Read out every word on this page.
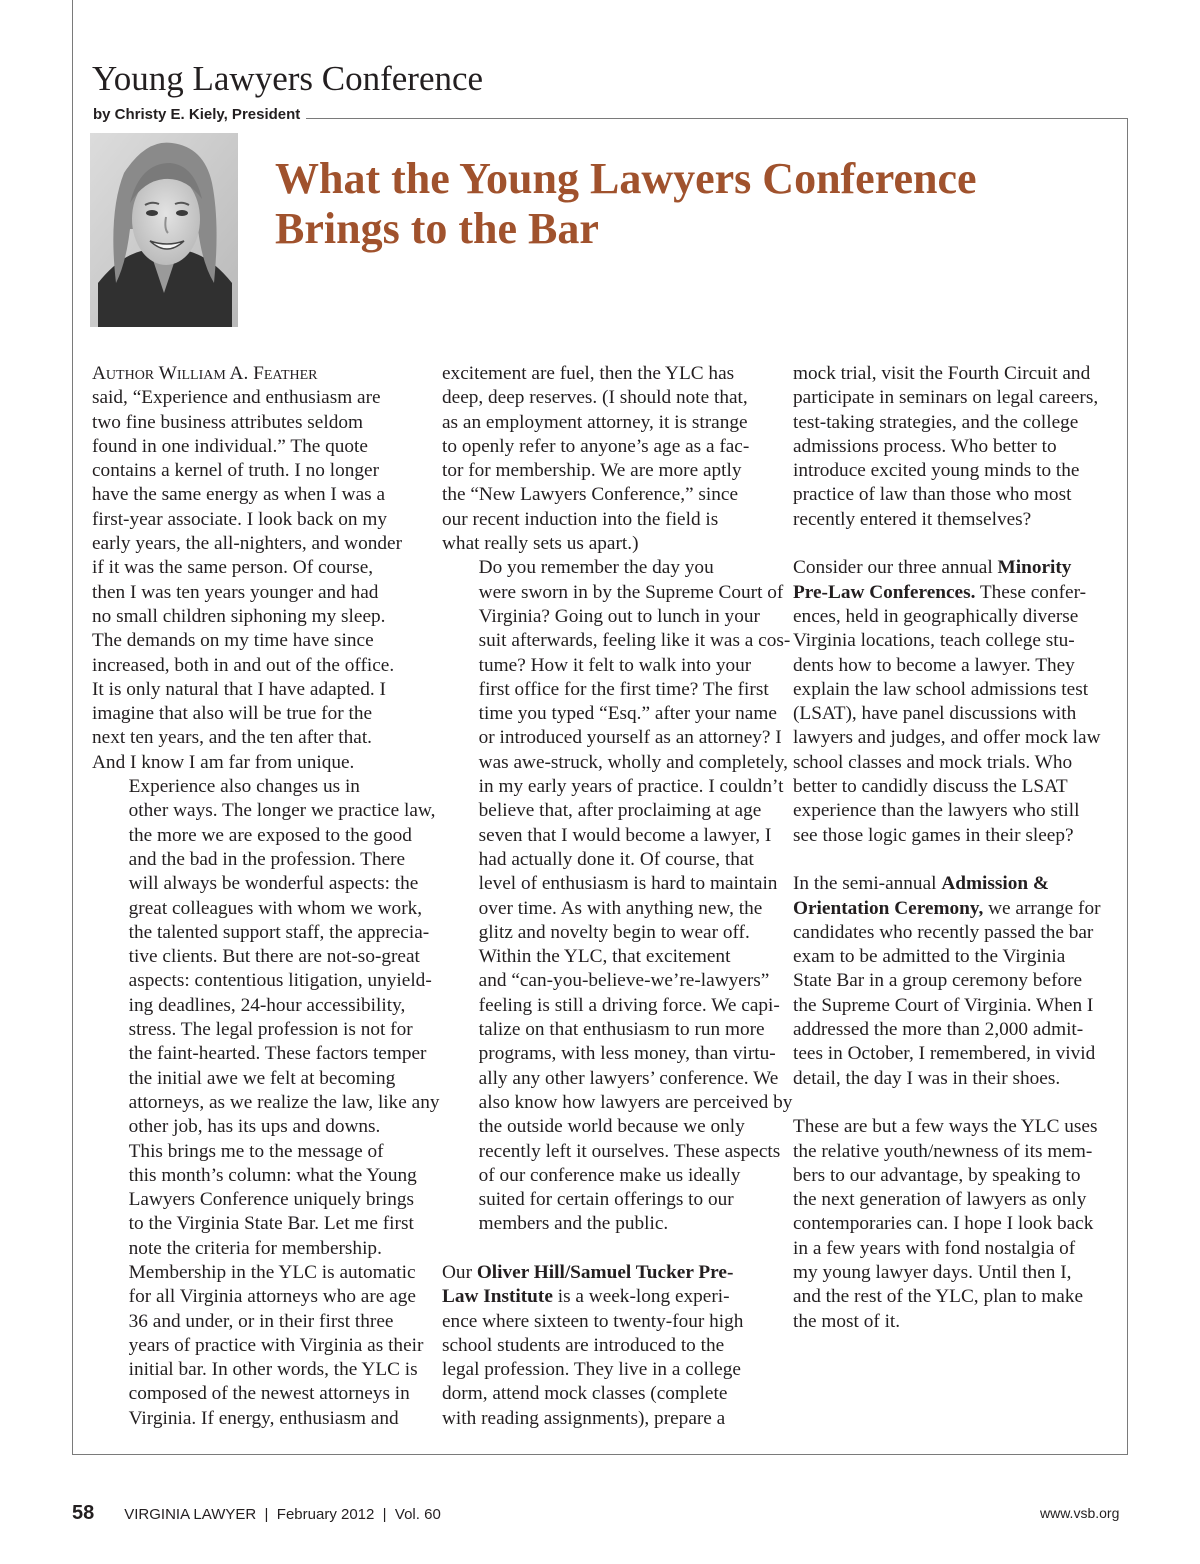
Young Lawyers Conference
by Christy E. Kiely, President
What the Young Lawyers Conference
Brings to the Bar

Author William A. Feather
said, “Experience and enthusiasm are
two fine business attributes seldom
found in one individual.” The quote
contains a kernel of truth. I no longer
have the same energy as when I was a
first-year associate. I look back on my
early years, the all-nighters, and wonder
if it was the same person. Of course,
then I was ten years younger and had
no small children siphoning my sleep.
The demands on my time have since
increased, both in and out of the office.
It is only natural that I have adapted. I
imagine that also will be true for the
next ten years, and the ten after that.
And I know I am far from unique.

Experience also changes us in
other ways. The longer we practice law,
the more we are exposed to the good
and the bad in the profession. There
will always be wonderful aspects: the
great colleagues with whom we work,
the talented support staff, the apprecia-
tive clients. But there are not-so-great
aspects: contentious litigation, unyield-
ing deadlines, 24-hour accessibility,
stress. The legal profession is not for
the faint-hearted. These factors temper
the initial awe we felt at becoming
attorneys, as we realize the law, like any
other job, has its ups and downs.

This brings me to the message of
this month’s column: what the Young
Lawyers Conference uniquely brings
to the Virginia State Bar. Let me first
note the criteria for membership.
Membership in the YLC is automatic
for all Virginia attorneys who are age
36 and under, or in their first three
years of practice with Virginia as their
initial bar. In other words, the YLC is
composed of the newest attorneys in
Virginia. If energy, enthusiasm and

excitement are fuel, then the YLC has
deep, deep reserves. (I should note that,
as an employment attorney, it is strange
to openly refer to anyone’s age as a fac-
tor for membership. We are more aptly
the “New Lawyers Conference,” since
our recent induction into the field is
what really sets us apart.)

Do you remember the day you
were sworn in by the Supreme Court of
Virginia? Going out to lunch in your
suit afterwards, feeling like it was a cos-
tume? How it felt to walk into your
first office for the first time? The first
time you typed “Esq.” after your name
or introduced yourself as an attorney? I
was awe-struck, wholly and completely,
in my early years of practice. I couldn’t
believe that, after proclaiming at age
seven that I would become a lawyer, I
had actually done it. Of course, that
level of enthusiasm is hard to maintain
over time. As with anything new, the
glitz and novelty begin to wear off.

Within the YLC, that excitement
and “can-you-believe-we’re-lawyers”
feeling is still a driving force. We capi-
talize on that enthusiasm to run more
programs, with less money, than virtu-
ally any other lawyers’ conference. We
also know how lawyers are perceived by
the outside world because we only
recently left it ourselves. These aspects
of our conference make us ideally
suited for certain offerings to our
members and the public.

Our Oliver Hill/Samuel Tucker Pre-
Law Institute is a week-long experi-
ence where sixteen to twenty-four high
school students are introduced to the
legal profession. They live in a college
dorm, attend mock classes (complete
with reading assignments), prepare a

mock trial, visit the Fourth Circuit and
participate in seminars on legal careers,
test-taking strategies, and the college
admissions process. Who better to
introduce excited young minds to the
practice of law than those who most
recently entered it themselves?

Consider our three annual Minority
Pre-Law Conferences. These confer-
ences, held in geographically diverse
Virginia locations, teach college stu-
dents how to become a lawyer. They
explain the law school admissions test
(LSAT), have panel discussions with
lawyers and judges, and offer mock law
school classes and mock trials. Who
better to candidly discuss the LSAT
experience than the lawyers who still
see those logic games in their sleep?

In the semi-annual Admission &
Orientation Ceremony, we arrange for
candidates who recently passed the bar
exam to be admitted to the Virginia
State Bar in a group ceremony before
the Supreme Court of Virginia. When I
addressed the more than 2,000 admit-
tees in October, I remembered, in vivid
detail, the day I was in their shoes.

These are but a few ways the YLC uses
the relative youth/newness of its mem-
bers to our advantage, by speaking to
the next generation of lawyers as only
contemporaries can. I hope I look back
in a few years with fond nostalgia of
my young lawyer days. Until then I,
and the rest of the YLC, plan to make
the most of it.

58 VIRGINIA LAWYER  |  February 2012  |  Vol. 60	www.vsb.org
